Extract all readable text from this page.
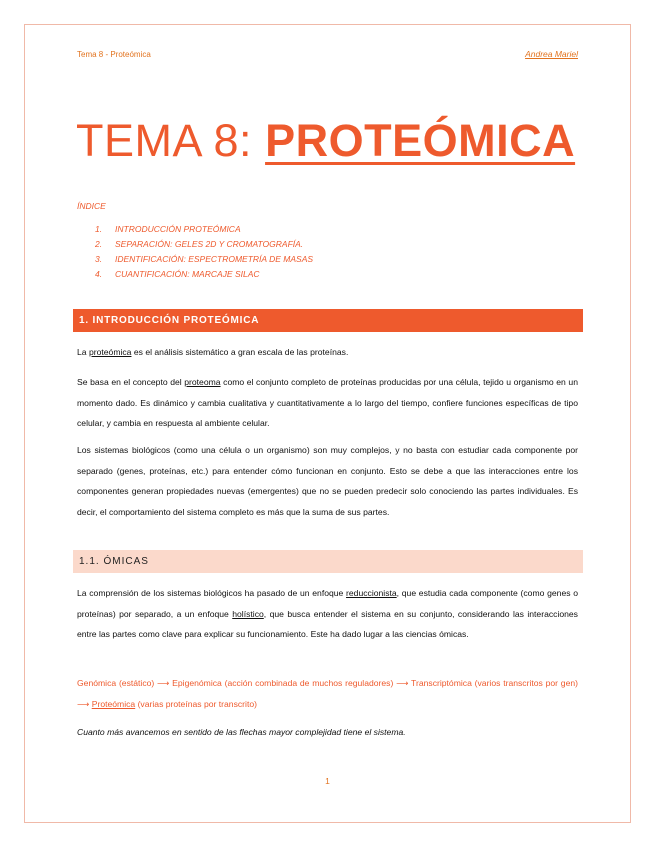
Tema 8 - Proteómica	Andrea Mariel
TEMA 8: PROTEÓMICA
ÍNDICE
1. INTRODUCCIÓN PROTEÓMICA
2. SEPARACIÓN: GELES 2D Y CROMATOGRAFÍA.
3. IDENTIFICACIÓN: ESPECTROMETRÍA DE MASAS
4. CUANTIFICACIÓN: MARCAJE SILAC
1. INTRODUCCIÓN PROTEÓMICA

La proteómica es el análisis sistemático a gran escala de las proteínas.

Se basa en el concepto del proteoma como el conjunto completo de proteínas producidas por una célula, tejido u organismo en un momento dado. Es dinámico y cambia cualitativa y cuantitativamente a lo largo del tiempo, confiere funciones específicas de tipo celular, y cambia en respuesta al ambiente celular.

Los sistemas biológicos (como una célula o un organismo) son muy complejos, y no basta con estudiar cada componente por separado (genes, proteínas, etc.) para entender cómo funcionan en conjunto. Esto se debe a que las interacciones entre los componentes generan propiedades nuevas (emergentes) que no se pueden predecir solo conociendo las partes individuales. Es decir, el comportamiento del sistema completo es más que la suma de sus partes.

1.1. ÓMICAS

La comprensión de los sistemas biológicos ha pasado de un enfoque reduccionista, que estudia cada componente (como genes o proteínas) por separado, a un enfoque holístico, que busca entender el sistema en su conjunto, considerando las interacciones entre las partes como clave para explicar su funcionamiento. Este ha dado lugar a las ciencias ómicas.

Genómica (estático) ⟶ Epigenómica (acción combinada de muchos reguladores) ⟶ Transcriptómica (varios transcritos por gen) ⟶ Proteómica (varias proteínas por transcrito)

Cuanto más avancemos en sentido de las flechas mayor complejidad tiene el sistema.

1
